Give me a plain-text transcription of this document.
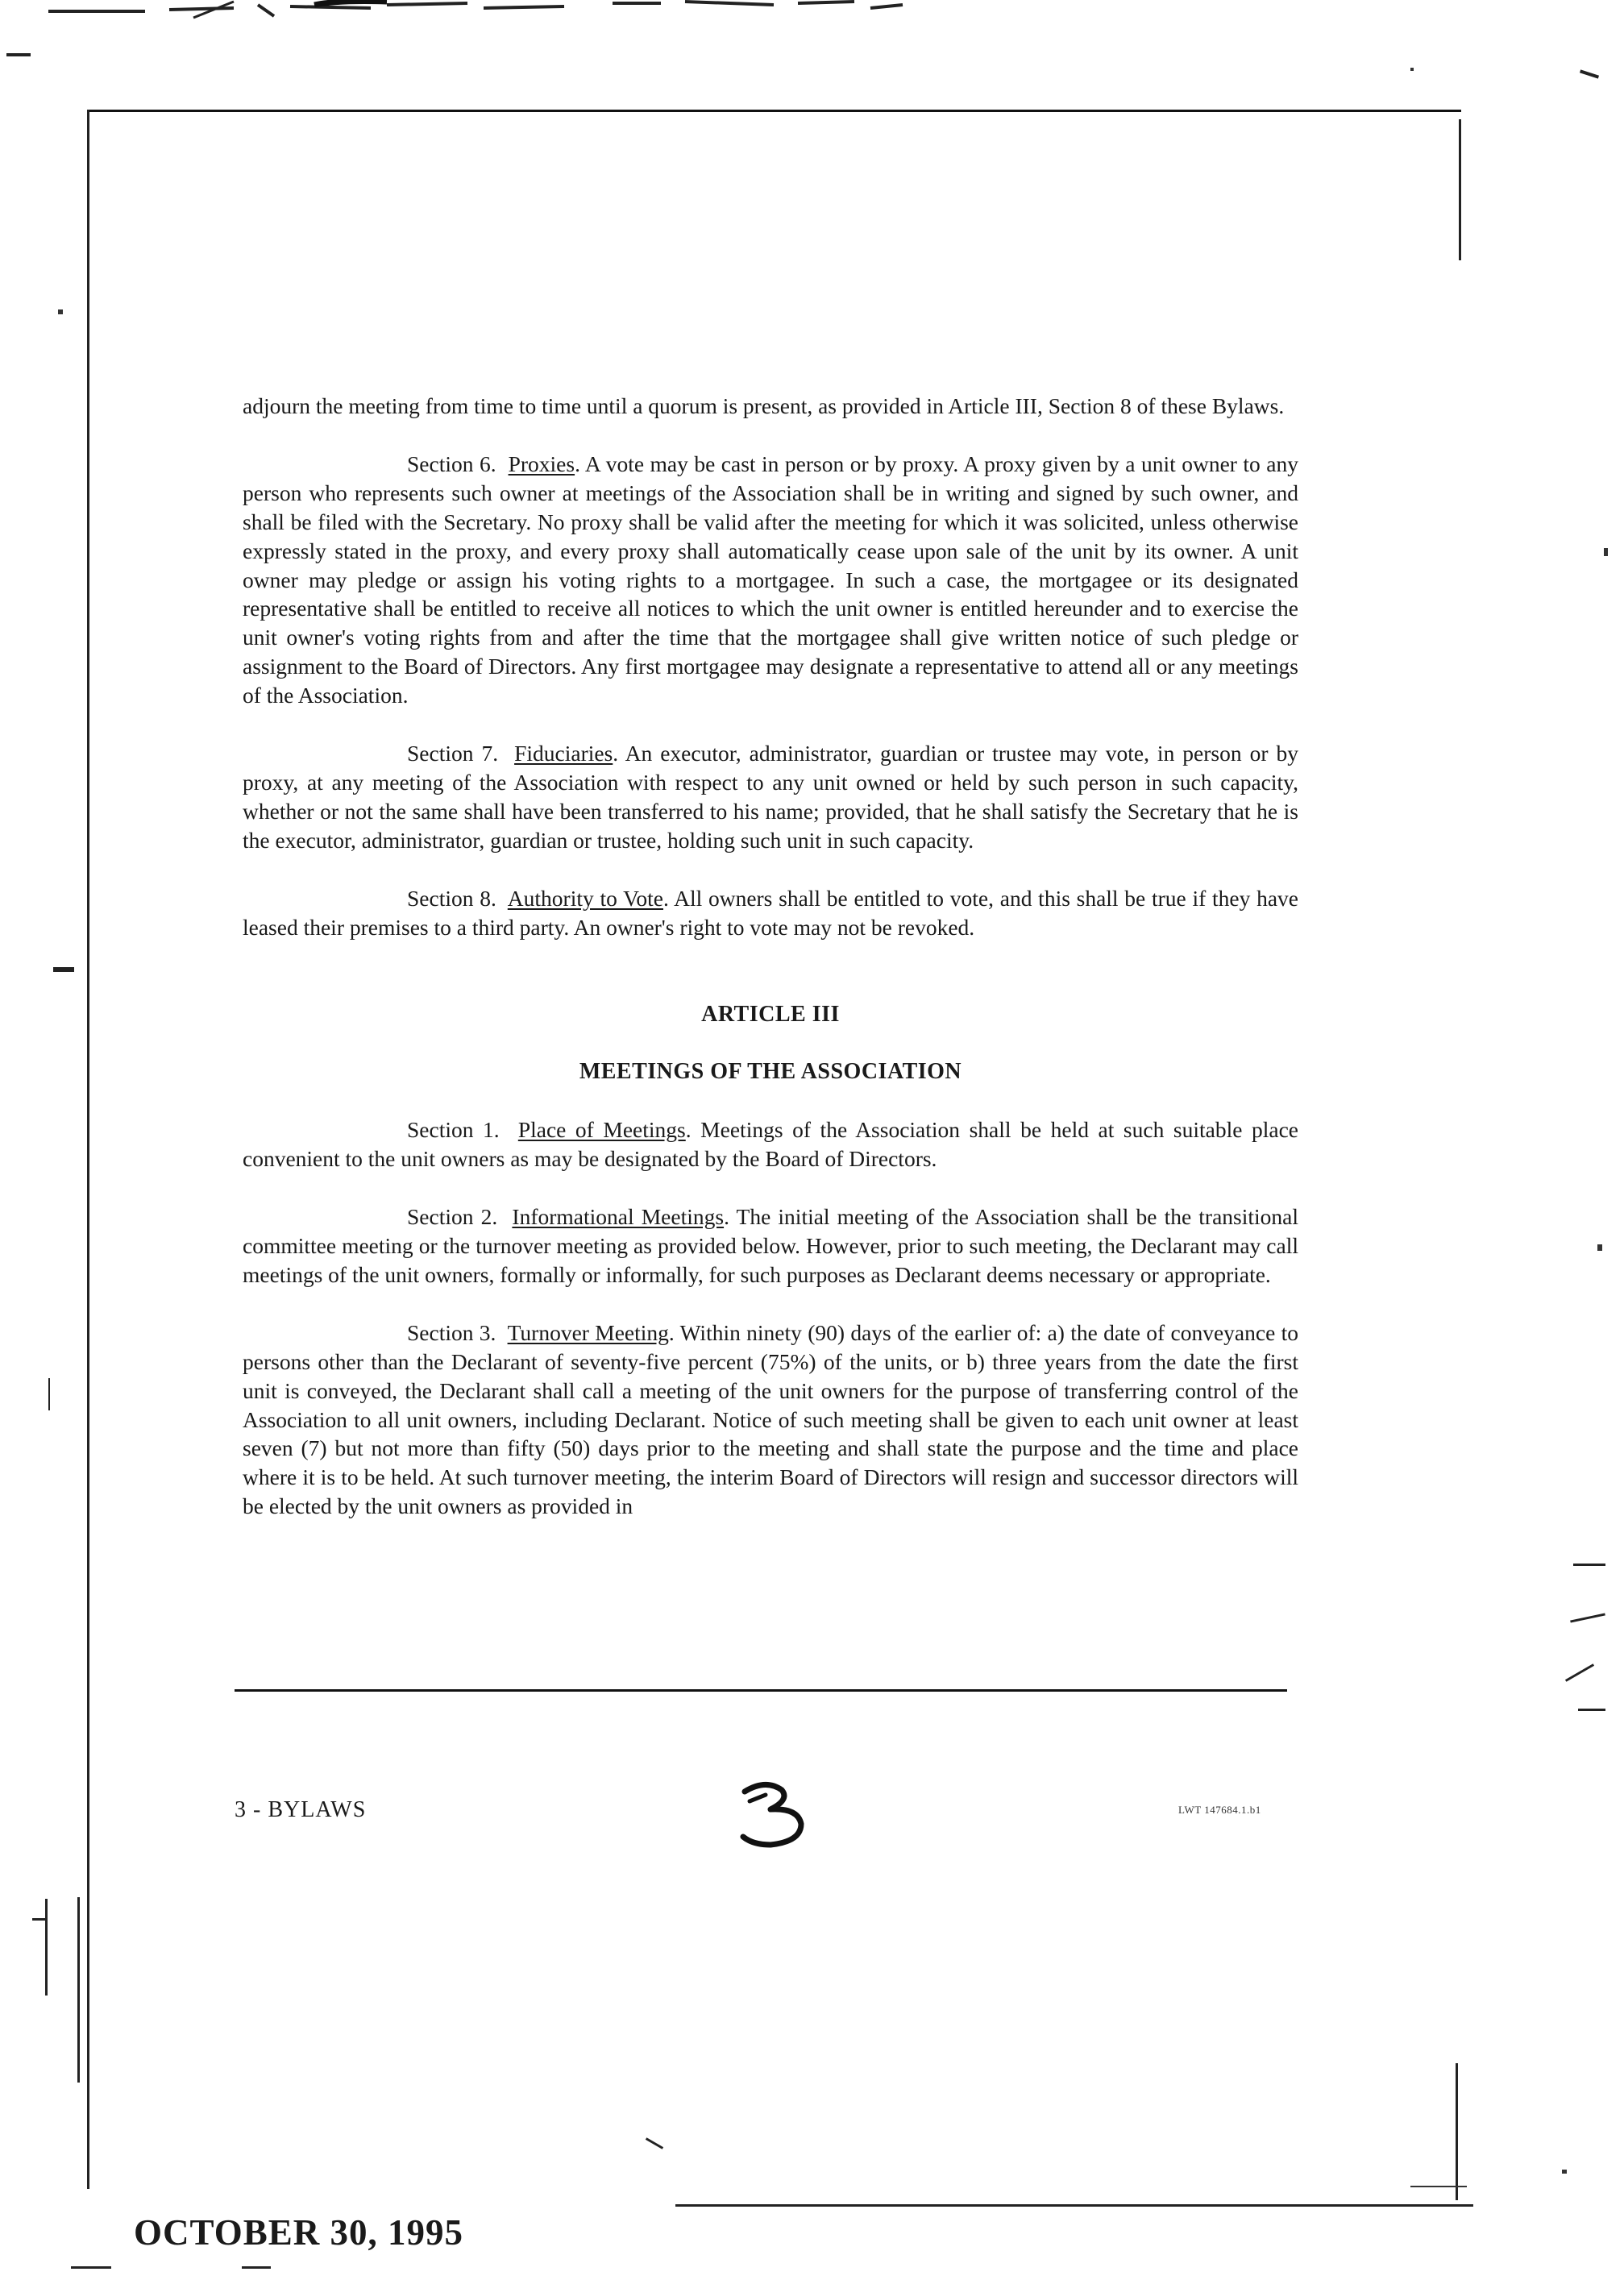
adjourn the meeting from time to time until a quorum is present, as provided in Article III, Section 8 of these Bylaws.

Section 6. Proxies. A vote may be cast in person or by proxy. A proxy given by a unit owner to any person who represents such owner at meetings of the Association shall be in writing and signed by such owner, and shall be filed with the Secretary. No proxy shall be valid after the meeting for which it was solicited, unless otherwise expressly stated in the proxy, and every proxy shall automatically cease upon sale of the unit by its owner. A unit owner may pledge or assign his voting rights to a mortgagee. In such a case, the mortgagee or its designated representative shall be entitled to receive all notices to which the unit owner is entitled hereunder and to exercise the unit owner's voting rights from and after the time that the mortgagee shall give written notice of such pledge or assignment to the Board of Directors. Any first mortgagee may designate a representative to attend all or any meetings of the Association.

Section 7. Fiduciaries. An executor, administrator, guardian or trustee may vote, in person or by proxy, at any meeting of the Association with respect to any unit owned or held by such person in such capacity, whether or not the same shall have been transferred to his name; provided, that he shall satisfy the Secretary that he is the executor, administrator, guardian or trustee, holding such unit in such capacity.

Section 8. Authority to Vote. All owners shall be entitled to vote, and this shall be true if they have leased their premises to a third party. An owner's right to vote may not be revoked.

ARTICLE III
MEETINGS OF THE ASSOCIATION

Section 1. Place of Meetings. Meetings of the Association shall be held at such suitable place convenient to the unit owners as may be designated by the Board of Directors.

Section 2. Informational Meetings. The initial meeting of the Association shall be the transitional committee meeting or the turnover meeting as provided below. However, prior to such meeting, the Declarant may call meetings of the unit owners, formally or informally, for such purposes as Declarant deems necessary or appropriate.

Section 3. Turnover Meeting. Within ninety (90) days of the earlier of: a) the date of conveyance to persons other than the Declarant of seventy-five percent (75%) of the units, or b) three years from the date the first unit is conveyed, the Declarant shall call a meeting of the unit owners for the purpose of transferring control of the Association to all unit owners, including Declarant. Notice of such meeting shall be given to each unit owner at least seven (7) but not more than fifty (50) days prior to the meeting and shall state the purpose and the time and place where it is to be held. At such turnover meeting, the interim Board of Directors will resign and successor directors will be elected by the unit owners as provided in

3 - BYLAWS	LWT 147684.1.b1
OCTOBER 30, 1995
